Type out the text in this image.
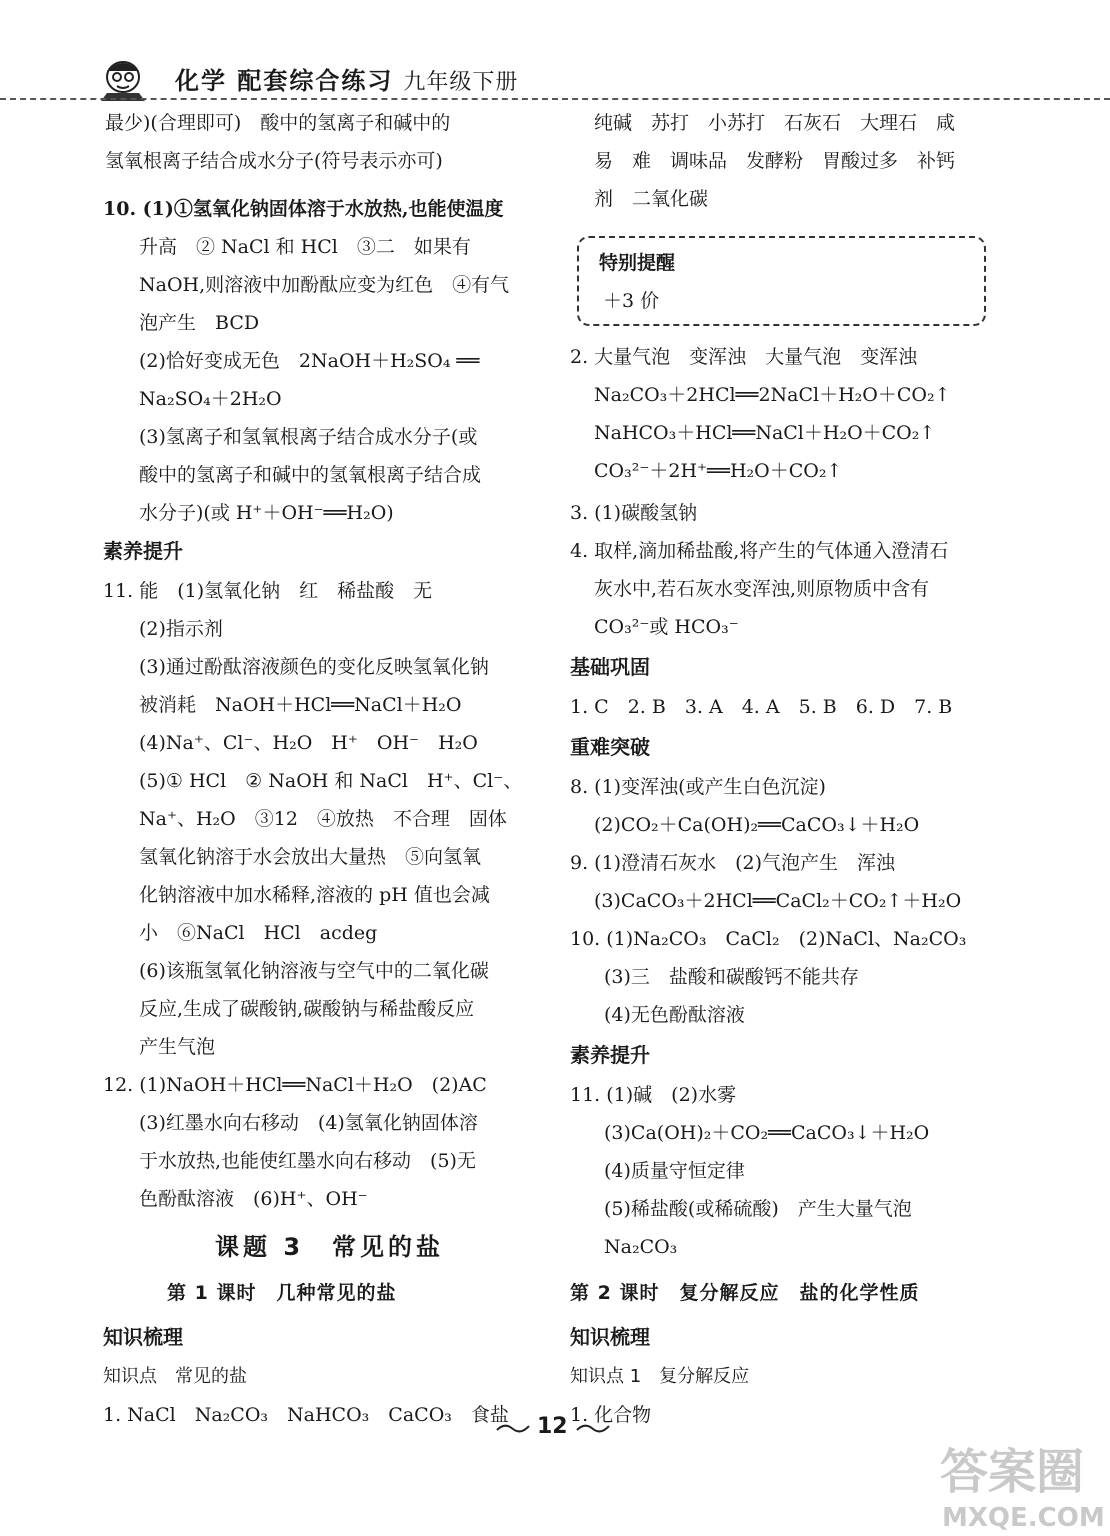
化学 配套综合练习 九年级下册
最少)(合理即可)　酸中的氢离子和碱中的
氢氧根离子结合成水分子(符号表示亦可)
10. (1)①氢氧化钠固体溶于水放热,也能使温度
升高　② NaCl 和 HCl　③二　如果有
NaOH,则溶液中加酚酞应变为红色　④有气
泡产生　BCD
(2)恰好变成无色　2NaOH＋H₂SO₄ ══
Na₂SO₄＋2H₂O
(3)氢离子和氢氧根离子结合成水分子(或
酸中的氢离子和碱中的氢氧根离子结合成
水分子)(或 H⁺＋OH⁻══H₂O)
素养提升
11. 能　(1)氢氧化钠　红　稀盐酸　无
(2)指示剂
(3)通过酚酞溶液颜色的变化反映氢氧化钠
被消耗　NaOH＋HCl══NaCl＋H₂O
(4)Na⁺、Cl⁻、H₂O　H⁺　OH⁻　H₂O
(5)① HCl　② NaOH 和 NaCl　H⁺、Cl⁻、
Na⁺、H₂O　③12　④放热　不合理　固体
氢氧化钠溶于水会放出大量热　⑤向氢氧
化钠溶液中加水稀释,溶液的 pH 值也会减
小　⑥NaCl　HCl　acdeg
(6)该瓶氢氧化钠溶液与空气中的二氧化碳
反应,生成了碳酸钠,碳酸钠与稀盐酸反应
产生气泡
12. (1)NaOH＋HCl══NaCl＋H₂O　(2)AC
(3)红墨水向右移动　(4)氢氧化钠固体溶
于水放热,也能使红墨水向右移动　(5)无
色酚酞溶液　(6)H⁺、OH⁻
课题 3　常见的盐
第 1 课时　几种常见的盐
知识梳理
知识点　常见的盐
1. NaCl　Na₂CO₃　NaHCO₃　CaCO₃　食盐
特别提醒
＋3 价
纯碱　苏打　小苏打　石灰石　大理石　咸
易　难　调味品　发酵粉　胃酸过多　补钙
剂　二氧化碳
2. 大量气泡　变浑浊　大量气泡　变浑浊
Na₂CO₃＋2HCl══2NaCl＋H₂O＋CO₂↑
NaHCO₃＋HCl══NaCl＋H₂O＋CO₂↑
CO₃²⁻＋2H⁺══H₂O＋CO₂↑
3. (1)碳酸氢钠
4. 取样,滴加稀盐酸,将产生的气体通入澄清石
灰水中,若石灰水变浑浊,则原物质中含有
CO₃²⁻或 HCO₃⁻
基础巩固
1. C　2. B　3. A　4. A　5. B　6. D　7. B
重难突破
8. (1)变浑浊(或产生白色沉淀)
(2)CO₂＋Ca(OH)₂══CaCO₃↓＋H₂O
9. (1)澄清石灰水　(2)气泡产生　浑浊
(3)CaCO₃＋2HCl══CaCl₂＋CO₂↑＋H₂O
10. (1)Na₂CO₃　CaCl₂　(2)NaCl、Na₂CO₃
(3)三　盐酸和碳酸钙不能共存
(4)无色酚酞溶液
素养提升
11. (1)碱　(2)水雾
(3)Ca(OH)₂＋CO₂══CaCO₃↓＋H₂O
(4)质量守恒定律
(5)稀盐酸(或稀硫酸)　产生大量气泡
Na₂CO₃
第 2 课时　复分解反应　盐的化学性质
知识梳理
知识点 1　复分解反应
1. 化合物
12
答案圈
MXQE.COM
